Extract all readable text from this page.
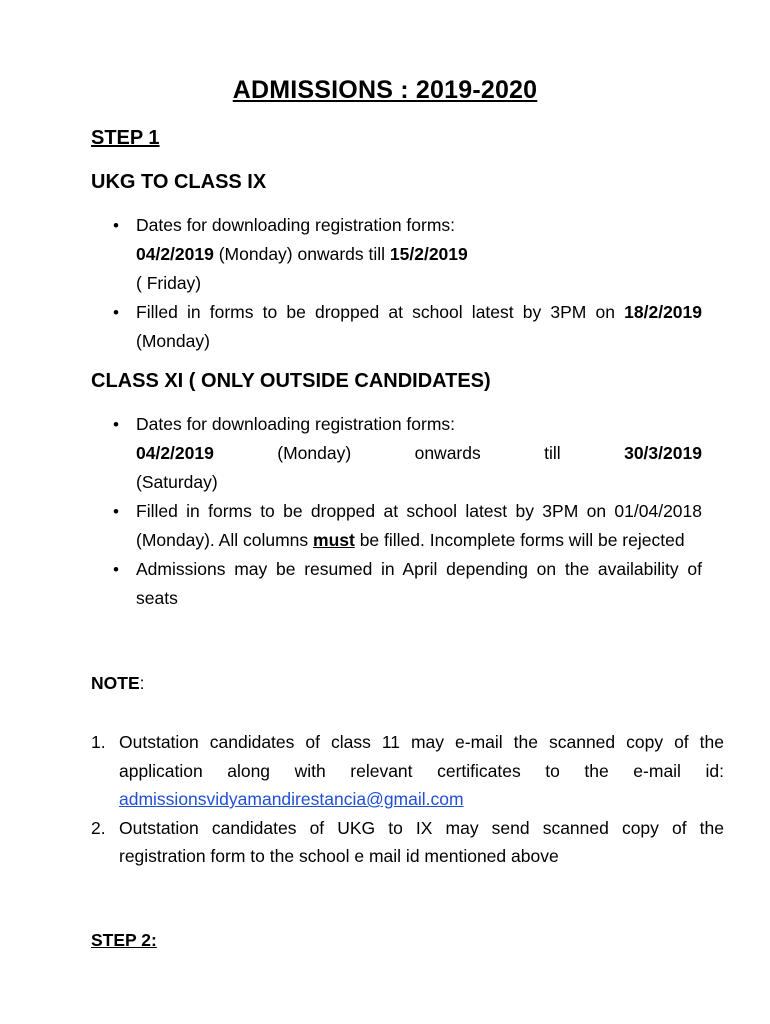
ADMISSIONS : 2019-2020
STEP 1
UKG TO CLASS IX
• Dates for downloading registration forms:
04/2/2019 (Monday) onwards till 15/2/2019
( Friday)
• Filled in forms to be dropped at school latest by 3PM on 18/2/2019 (Monday)
CLASS XI ( ONLY OUTSIDE CANDIDATES)
• Dates for downloading registration forms:
04/2/2019	(Monday)	onwards	till	30/3/2019
(Saturday)
• Filled in forms to be dropped at school latest by 3PM on 01/04/2018 (Monday). All columns must be filled. Incomplete forms will be rejected
• Admissions may be resumed in April depending on the availability of seats
NOTE:
1. Outstation candidates of class 11 may e-mail the scanned copy of the application along with relevant certificates to the e-mail id: admissionsvidyamandirestancia@gmail.com
2. Outstation candidates of UKG to IX may send scanned copy of the registration form to the school e mail id mentioned above
STEP 2:
